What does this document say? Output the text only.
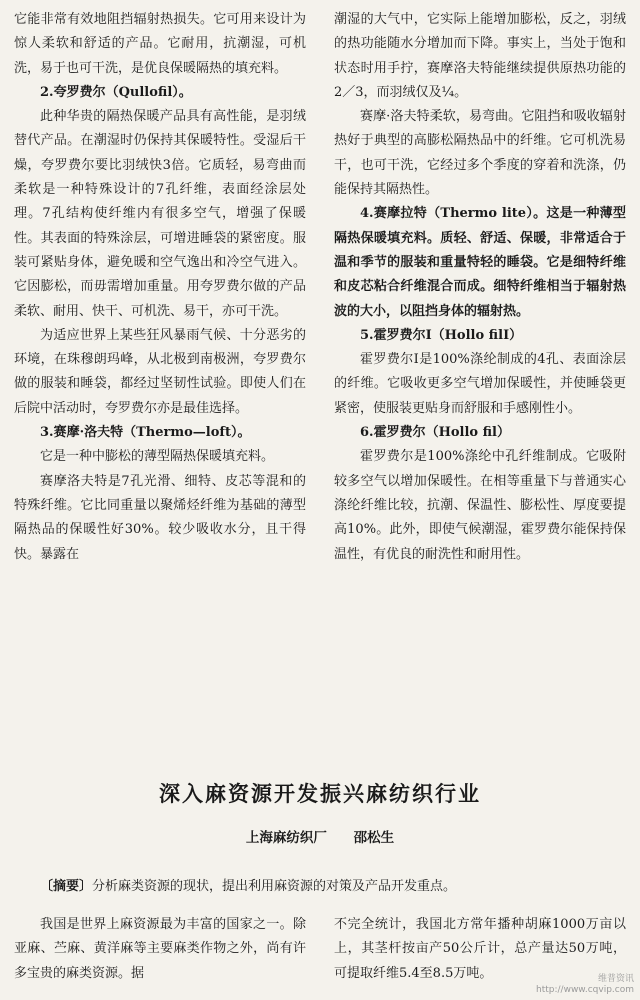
它能非常有效地阻挡辐射热损失。它可用来设计为惊人柔软和舒适的产品。它耐用，抗潮湿，可机洗，易于也可干洗，是优良保暖隔热的填充料。

2.夸罗费尔（Qullofil）。

此种华贵的隔热保暖产品具有高性能，是羽绒替代产品。在潮湿时仍保持其保暖特性。受湿后干燥，夸罗费尔要比羽绒快3倍。它质轻，易弯曲而柔软是一种特殊设计的7孔纤维，表面经涂层处理。7孔结构使纤维内有很多空气，增强了保暖性。其表面的特殊涂层，可增进睡袋的紧密度。服装可紧贴身体，避免暖和空气逸出和冷空气进入。它因膨松，而毋需增加重量。用夸罗费尔做的产品柔软、耐用、快干、可机洗、易干，亦可干洗。

为适应世界上某些狂风暴雨气候、十分恶劣的环境，在珠穆朗玛峰，从北极到南极洲，夸罗费尔做的服装和睡袋，都经过坚韧性试验。即使人们在后院中活动时，夸罗费尔亦是最佳选择。

3.赛摩·洛夫特（Thermo—loft）。

它是一种中膨松的薄型隔热保暖填充料。

赛摩洛夫特是7孔光滑、细特、皮芯等混和的特殊纤维。它比同重量以聚烯烃纤维为基础的薄型隔热品的保暖性好30%。较少吸收水分，且干得快。暴露在

潮湿的大气中，它实际上能增加膨松，反之，羽绒的热功能随水分增加而下降。事实上，当处于饱和状态时用手拧，赛摩洛夫特能继续提供原热功能的2／3，而羽绒仅及¼。

赛摩·洛夫特柔软，易弯曲。它阻挡和吸收辐射热好于典型的高膨松隔热品中的纤维。它可机洗易干，也可干洗，它经过多个季度的穿着和洗涤，仍能保持其隔热性。

4.赛摩拉特（Thermo lite）。这是一种薄型隔热保暖填充料。质轻、舒适、保暖，非常适合于温和季节的服装和重量特轻的睡袋。它是细特纤维和皮芯粘合纤维混合而成。细特纤维相当于辐射热波的大小，以阻挡身体的辐射热。

5.霍罗费尔Ⅰ（Hollo filⅠ）

霍罗费尔Ⅰ是100%涤纶制成的4孔、表面涂层的纤维。它吸收更多空气增加保暖性，并使睡袋更紧密，使服装更贴身而舒服和手感刚性小。

6.霍罗费尔（Hollo fil）

霍罗费尔是100%涤纶中孔纤维制成。它吸附较多空气以增加保暖性。在相等重量下与普通实心涤纶纤维比较，抗潮、保温性、膨松性、厚度要提高10%。此外，即使气候潮湿，霍罗费尔能保持保温性，有优良的耐洗性和耐用性。

深入麻资源开发振兴麻纺织行业
上海麻纺织厂 邵松生
〔摘要〕分析麻类资源的现状，提出利用麻资源的对策及产品开发重点。

我国是世界上麻资源最为丰富的国家之一。除亚麻、苎麻、黄洋麻等主要麻类作物之外，尚有许多宝贵的麻类资源。据

不完全统计，我国北方常年播种胡麻1000万亩以上，其茎杆按亩产50公斤计，总产量达50万吨，可提取纤维5.4至8.5万吨。	维普资讯
http://www.cqvip.com
